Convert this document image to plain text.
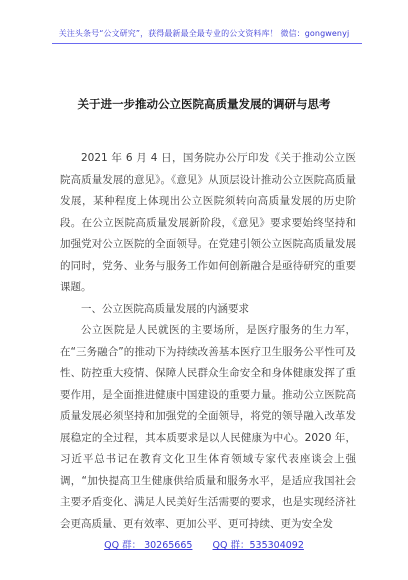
关注头条号“公文研究”，获得最新最全最专业的公文资料库！ 微信：gongwenyj
关于进一步推动公立医院高质量发展的调研与思考

2021 年 6 月 4 日，国务院办公厅印发《关于推动公立医院高质量发展的意见》。《意见》从顶层设计推动公立医院高质量发展，某种程度上体现出公立医院须转向高质量发展的历史阶段。在公立医院高质量发展新阶段，《意见》要求要始终坚持和加强党对公立医院的全面领导。在党建引领公立医院高质量发展的同时，党务、业务与服务工作如何创新融合是亟待研究的重要课题。

一、公立医院高质量发展的内涵要求

公立医院是人民就医的主要场所，是医疗服务的生力军，在“三务融合”的推动下为持续改善基本医疗卫生服务公平性可及性、防控重大疫情、保障人民群众生命安全和身体健康发挥了重要作用，是全面推进健康中国建设的重要力量。推动公立医院高质量发展必须坚持和加强党的全面领导，将党的领导融入改革发展稳定的全过程，其本质要求是以人民健康为中心。2020 年，习近平总书记在教育文化卫生体育领域专家代表座谈会上强调，“加快提高卫生健康供给质量和服务水平，是适应我国社会主要矛盾变化、满足人民美好生活需要的要求，也是实现经济社会更高质量、更有效率、更加公平、更可持续、更为安全发

QQ 群： 30265665 QQ 群：535304092
